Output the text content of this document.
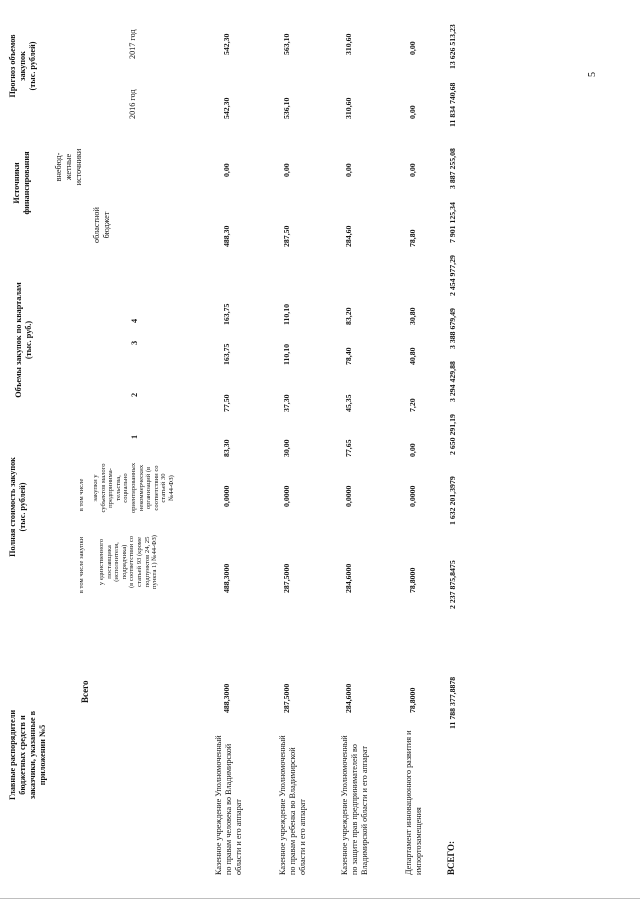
Главные распорядители бюджетных средств и заказчики, указанные в приложении №5
Полная стоимость закупок (тыс. рублей)
Всего
в том числе закупки у единственного поставщика (исполнителя, подрядчика) (в соответствии со статьей 93 (кроме подпунктов 24, 25 пункта 1) №44-ФЗ)
в том числе закупки у субъектов малого предпринима- тельства, социально ориентированных некоммерческих организаций (в соответствии со статьей 30 №44-ФЗ)
Объемы закупок по кварталам (тыс. руб.)
1
2
3
4
Источники финансирования
областной бюджет
внебюд- жетные источники
Прогноз объемов закупок (тыс. рублей)
2016 год
2017 год
Казенное учреждение Уполномоченный по правам человека во Владимирской области и его аппарат
488,3000
488,3000
0,0000
83,30
77,50
163,75
163,75
488,30
0,00
542,30
542,30
Казенное учреждение Уполномоченный по правам ребенка во Владимирской области и его аппарат
287,5000
287,5000
0,0000
30,00
37,30
110,10
110,10
287,50
0,00
536,10
563,10
Казенное учреждение Уполномоченный по защите прав предпринимателей во Владимирской области и его аппарат
284,6000
284,6000
0,0000
77,65
45,35
78,40
83,20
284,60
0,00
310,60
310,60
Департамент инновационного развития и импортозамещения
78,8000
78,8000
0,0000
0,00
7,20
40,80
30,80
78,80
0,00
0,00
0,00
ВСЕГО:
11 788 377,8878
2 237 875,8475
1 632 201,3979
2 650 291,19
3 294 429,88
3 388 679,49
2 454 977,29
7 901 125,34
3 887 255,08
11 834 740,68
13 626 513,23
5
